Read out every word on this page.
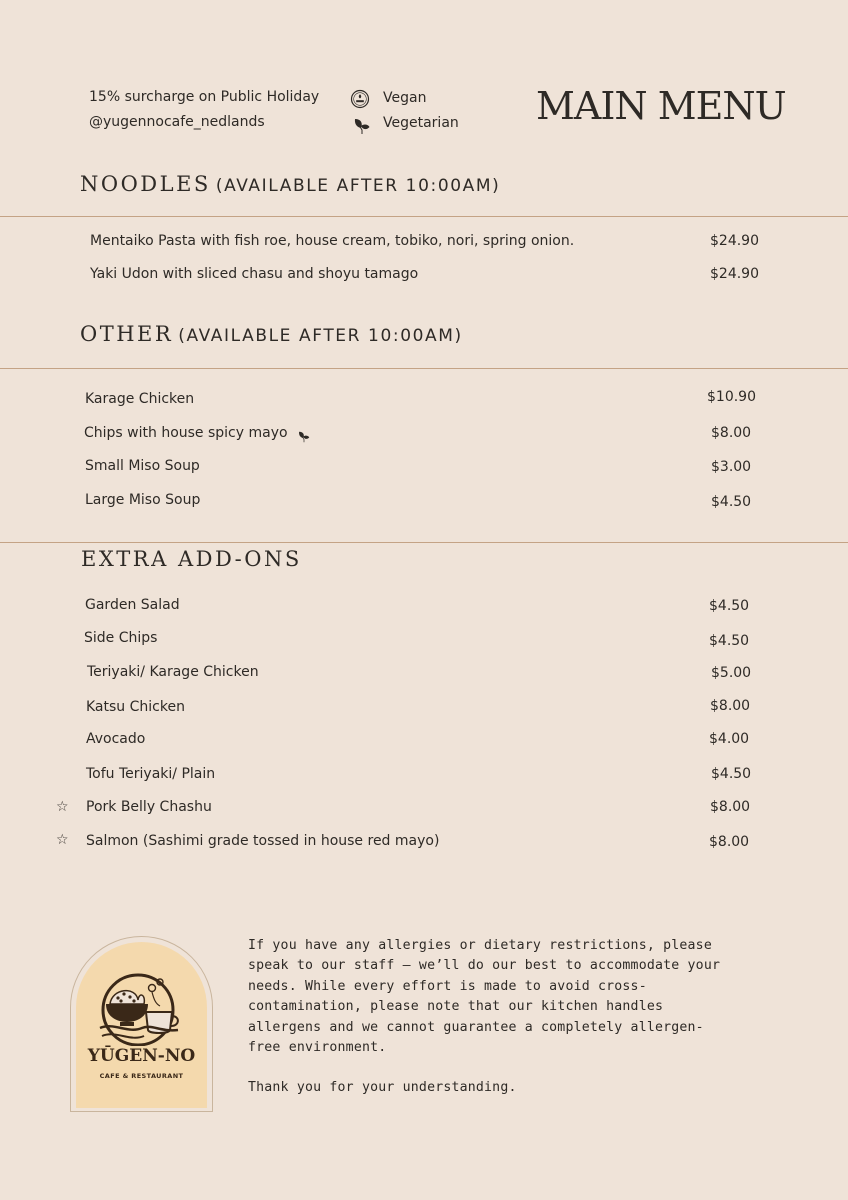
15% surcharge on Public Holiday
@yugennocafe_nedlands
Vegan
Vegetarian MAIN MENU
NOODLES (AVAILABLE AFTER 10:00AM)
Mentaiko Pasta with fish roe, house cream, tobiko, nori, spring onion.	$24.90
Yaki Udon with sliced chasu and shoyu tamago	$24.90
OTHER (AVAILABLE AFTER 10:00AM)
Karage Chicken	$10.90
Chips with house spicy mayo	$8.00
Small Miso Soup	$3.00
Large Miso Soup	$4.50
EXTRA ADD-ONS
Garden Salad	$4.50
Side Chips	$4.50
Teriyaki/ Karage Chicken	$5.00
Katsu Chicken	$8.00
Avocado	$4.00
Tofu Teriyaki/ Plain	$4.50
☆ Pork Belly Chashu	$8.00
☆ Salmon (Sashimi grade tossed in house red mayo)	$8.00
YŪGEN-NO
CAFE & RESTAURANT

If you have any allergies or dietary restrictions, please

speak to our staff — we’ll do our best to accommodate your

needs. While every effort is made to avoid cross-

contamination, please note that our kitchen handles

allergens and we cannot guarantee a completely allergen-

free environment.

Thank you for your understanding.
